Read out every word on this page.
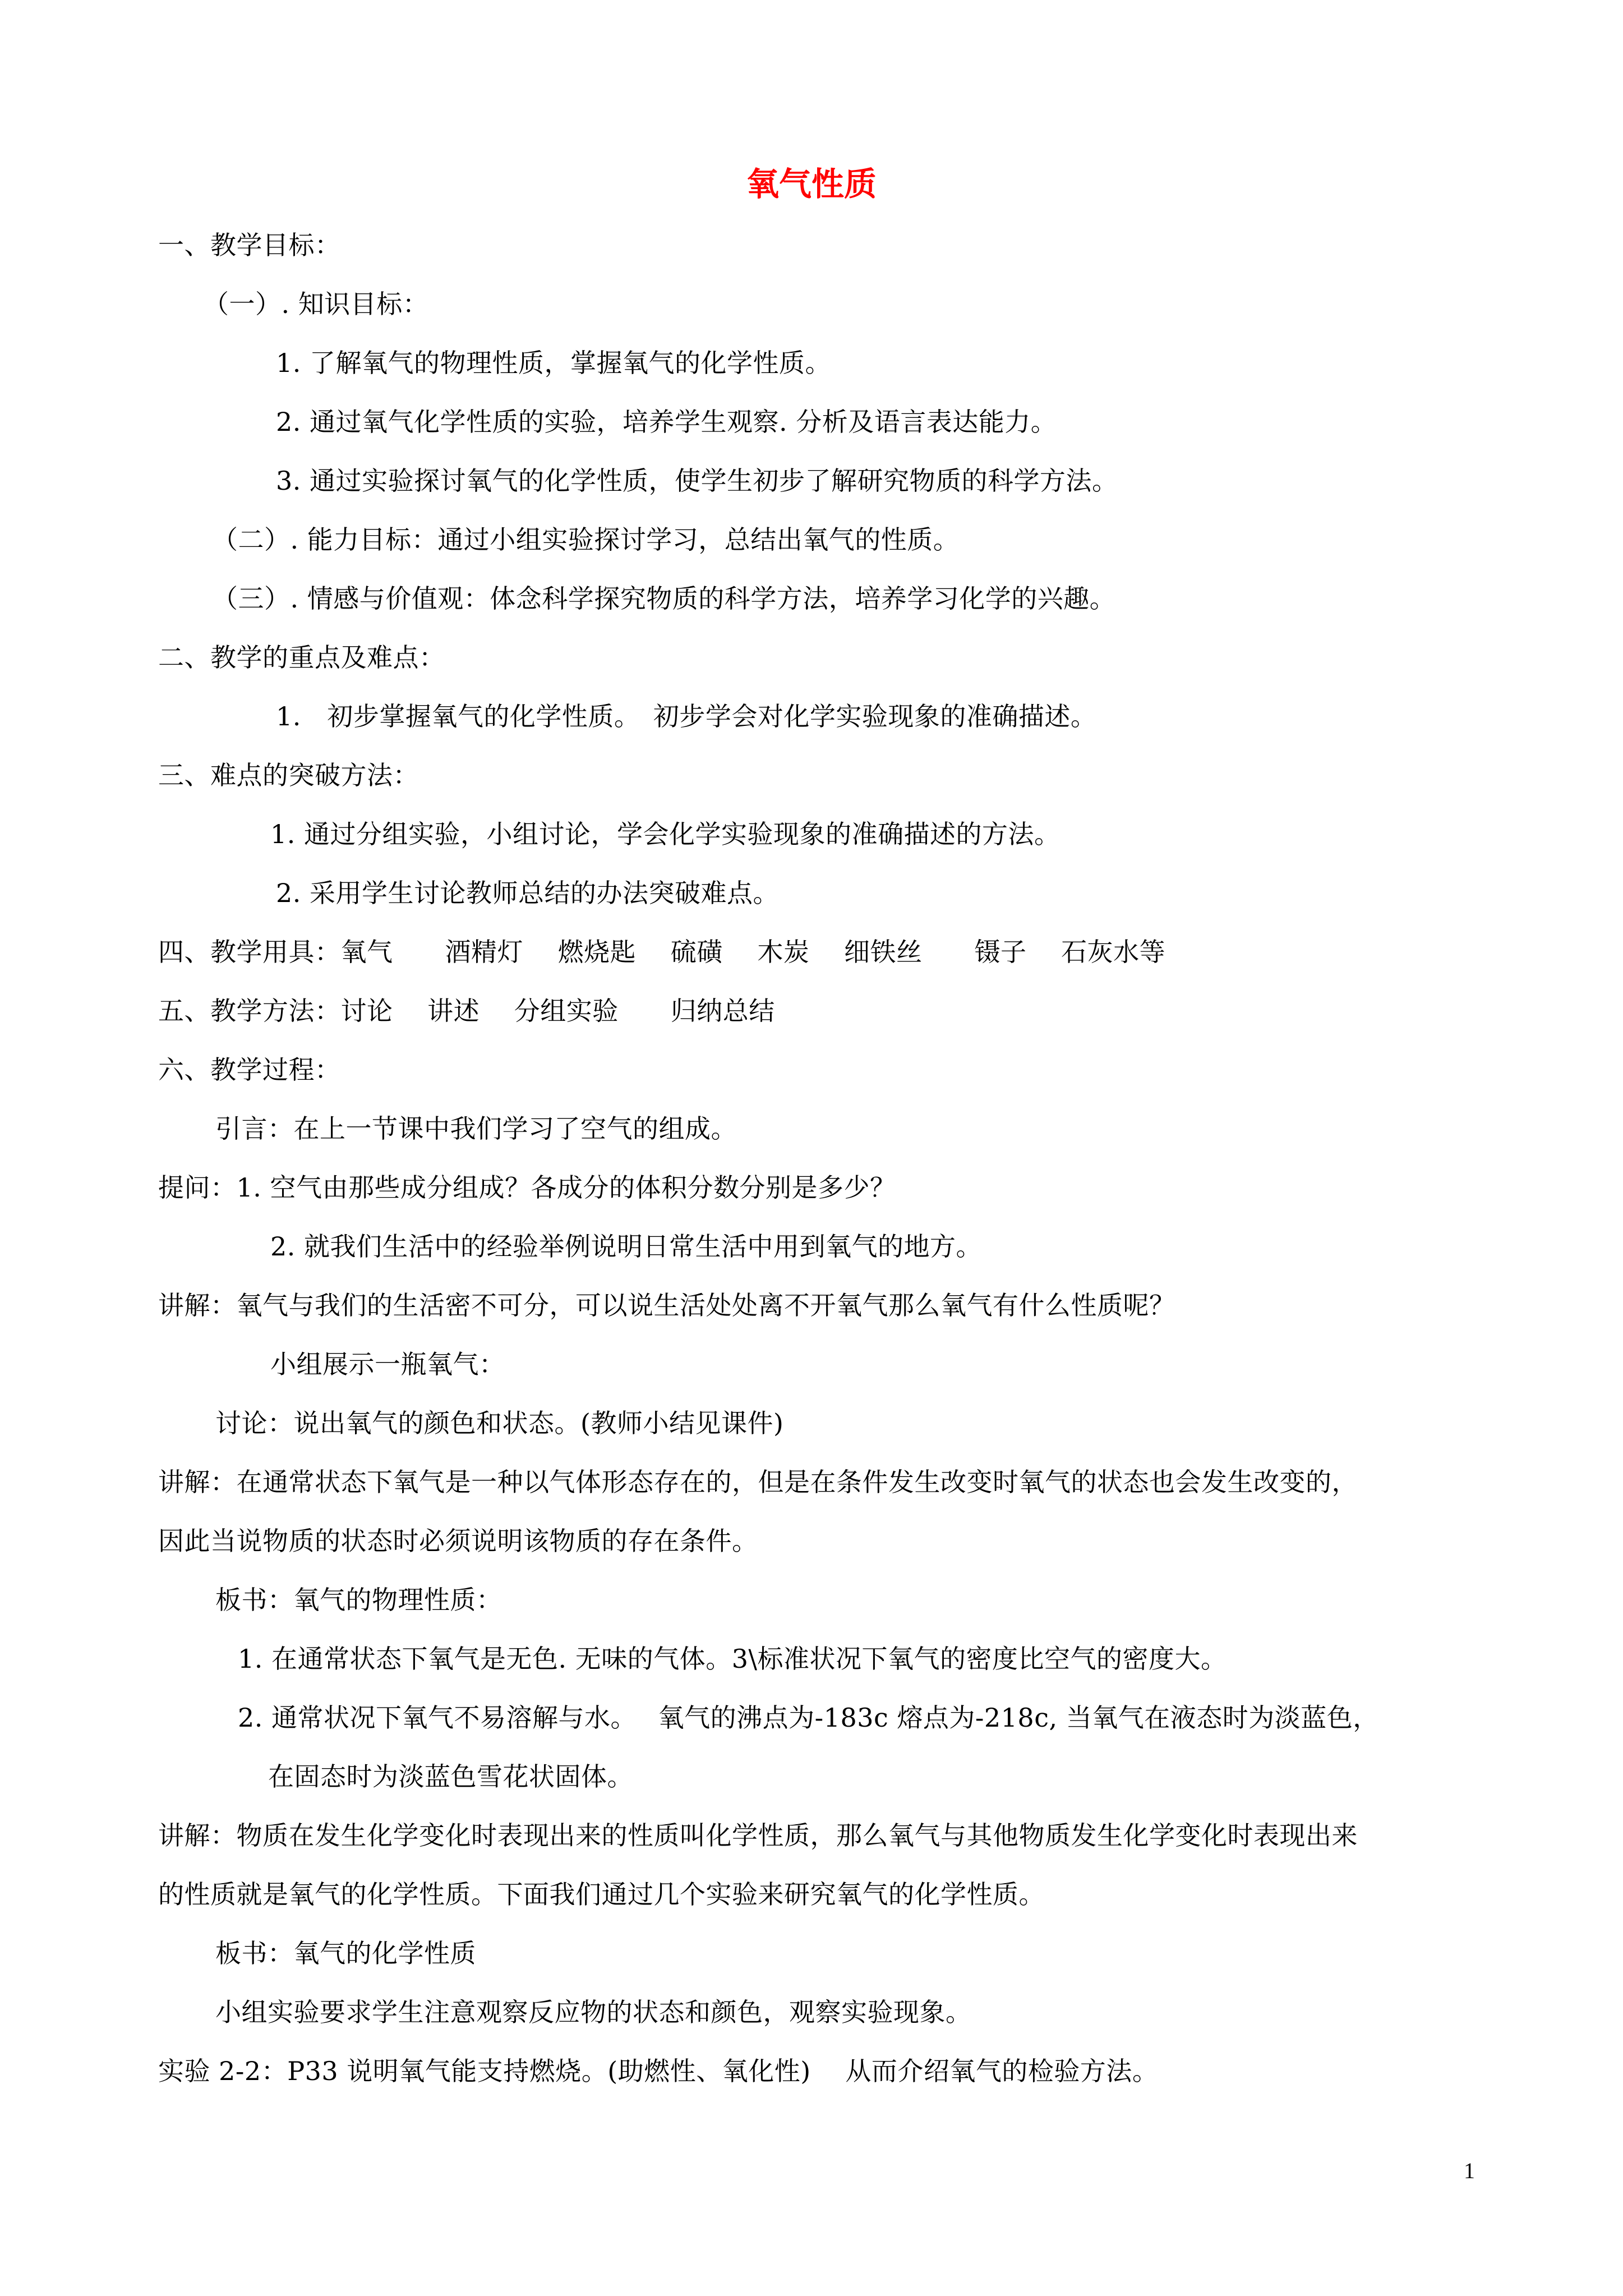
氧气性质
一、教学目标：
（一）. 知识目标：
1. 了解氧气的物理性质，掌握氧气的化学性质。
2. 通过氧气化学性质的实验，培养学生观察. 分析及语言表达能力。
3. 通过实验探讨氧气的化学性质，使学生初步了解研究物质的科学方法。
（二）. 能力目标：通过小组实验探讨学习，总结出氧气的性质。
（三）. 情感与价值观：体念科学探究物质的科学方法，培养学习化学的兴趣。
二、教学的重点及难点：
1.　初步掌握氧气的化学性质。　初步学会对化学实验现象的准确描述。
三、难点的突破方法：
1. 通过分组实验，小组讨论，学会化学实验现象的准确描述的方法。
2. 采用学生讨论教师总结的办法突破难点。
四、教学用具：氧气　　酒精灯　 燃烧匙　 硫磺　 木炭　 细铁丝　　镊子　 石灰水等
五、教学方法：讨论　 讲述　 分组实验　　归纳总结
六、教学过程：
引言：在上一节课中我们学习了空气的组成。
提问：1. 空气由那些成分组成？各成分的体积分数分别是多少？
2. 就我们生活中的经验举例说明日常生活中用到氧气的地方。
讲解：氧气与我们的生活密不可分，可以说生活处处离不开氧气那么氧气有什么性质呢？
小组展示一瓶氧气：
讨论：说出氧气的颜色和状态。(教师小结见课件)
讲解：在通常状态下氧气是一种以气体形态存在的，但是在条件发生改变时氧气的状态也会发生改变的，
因此当说物质的状态时必须说明该物质的存在条件。
板书：氧气的物理性质：
1. 在通常状态下氧气是无色. 无味的气体。3\标准状况下氧气的密度比空气的密度大。
2. 通常状况下氧气不易溶解与水。　 氧气的沸点为-183c 熔点为-218c, 当氧气在液态时为淡蓝色，
在固态时为淡蓝色雪花状固体。
讲解：物质在发生化学变化时表现出来的性质叫化学性质，那么氧气与其他物质发生化学变化时表现出来
的性质就是氧气的化学性质。下面我们通过几个实验来研究氧气的化学性质。
板书：氧气的化学性质
小组实验要求学生注意观察反应物的状态和颜色，观察实验现象。
实验 2-2：P33 说明氧气能支持燃烧。(助燃性、氧化性)　 从而介绍氧气的检验方法。
1
